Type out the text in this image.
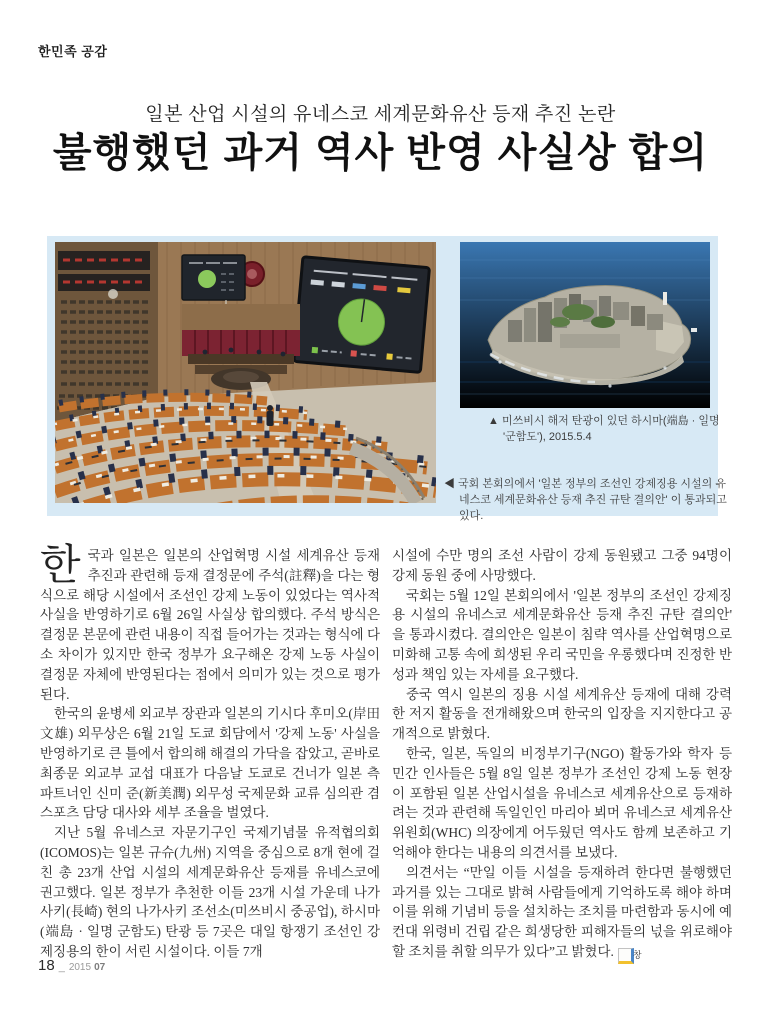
한민족 공감
일본 산업 시설의 유네스코 세계문화유산 등재 추진 논란
불행했던 과거 역사 반영 사실상 합의
▲ 미쓰비시 해저 탄광이 있던 하시마(端島 · 일명 '군함도'), 2015.5.4
◀ 국회 본회의에서 '일본 정부의 조선인 강제징용 시설의 유네스코 세계문화유산 등재 추진 규탄 결의안' 이 통과되고 있다.

한국과 일본은 일본의 산업혁명 시설 세계유산 등재 추진과 관련해 등재 결정문에 주석(註釋)을 다는 형식으로 해당 시설에서 조선인 강제 노동이 있었다는 역사적 사실을 반영하기로 6월 26일 사실상 합의했다. 주석 방식은 결정문 본문에 관련 내용이 직접 들어가는 것과는 형식에 다소 차이가 있지만 한국 정부가 요구해온 강제 노동 사실이 결정문 자체에 반영된다는 점에서 의미가 있는 것으로 평가된다.

한국의 윤병세 외교부 장관과 일본의 기시다 후미오(岸田文雄) 외무상은 6월 21일 도쿄 회담에서 '강제 노동' 사실을 반영하기로 큰 틀에서 합의해 해결의 가닥을 잡았고, 곧바로 최종문 외교부 교섭 대표가 다음날 도쿄로 건너가 일본 측 파트너인 신미 준(新美潤) 외무성 국제문화 교류 심의관 겸 스포츠 담당 대사와 세부 조율을 벌였다.

지난 5월 유네스코 자문기구인 국제기념물 유적협의회(ICOMOS)는 일본 규슈(九州) 지역을 중심으로 8개 현에 걸친 총 23개 산업 시설의 세계문화유산 등재를 유네스코에 권고했다. 일본 정부가 추천한 이들 23개 시설 가운데 나가사키(長崎) 현의 나가사키 조선소(미쓰비시 중공업), 하시마(端島 · 일명 군함도) 탄광 등 7곳은 대일 항쟁기 조선인 강제징용의 한이 서린 시설이다. 이들 7개

시설에 수만 명의 조선 사람이 강제 동원됐고 그중 94명이 강제 동원 중에 사망했다.

국회는 5월 12일 본회의에서 '일본 정부의 조선인 강제징용 시설의 유네스코 세계문화유산 등재 추진 규탄 결의안' 을 통과시켰다. 결의안은 일본이 침략 역사를 산업혁명으로 미화해 고통 속에 희생된 우리 국민을 우롱했다며 진정한 반성과 책임 있는 자세를 요구했다.

중국 역시 일본의 징용 시설 세계유산 등재에 대해 강력한 저지 활동을 전개해왔으며 한국의 입장을 지지한다고 공개적으로 밝혔다.

한국, 일본, 독일의 비정부기구(NGO) 활동가와 학자 등 민간 인사들은 5월 8일 일본 정부가 조선인 강제 노동 현장이 포함된 일본 산업시설을 유네스코 세계유산으로 등재하려는 것과 관련해 독일인인 마리아 뵈머 유네스코 세계유산위원회(WHC) 의장에게 어두웠던 역사도 함께 보존하고 기억해야 한다는 내용의 의견서를 보냈다.

의견서는 “만일 이들 시설을 등재하려 한다면 불행했던 과거를 있는 그대로 밝혀 사람들에게 기억하도록 해야 하며 이를 위해 기념비 등을 설치하는 조치를 마련함과 동시에 예컨대 위령비 건립 같은 희생당한 피해자들의 넋을 위로해야 할 조치를 취할 의무가 있다”고 밝혔다. 창

18 _ 2015 07
